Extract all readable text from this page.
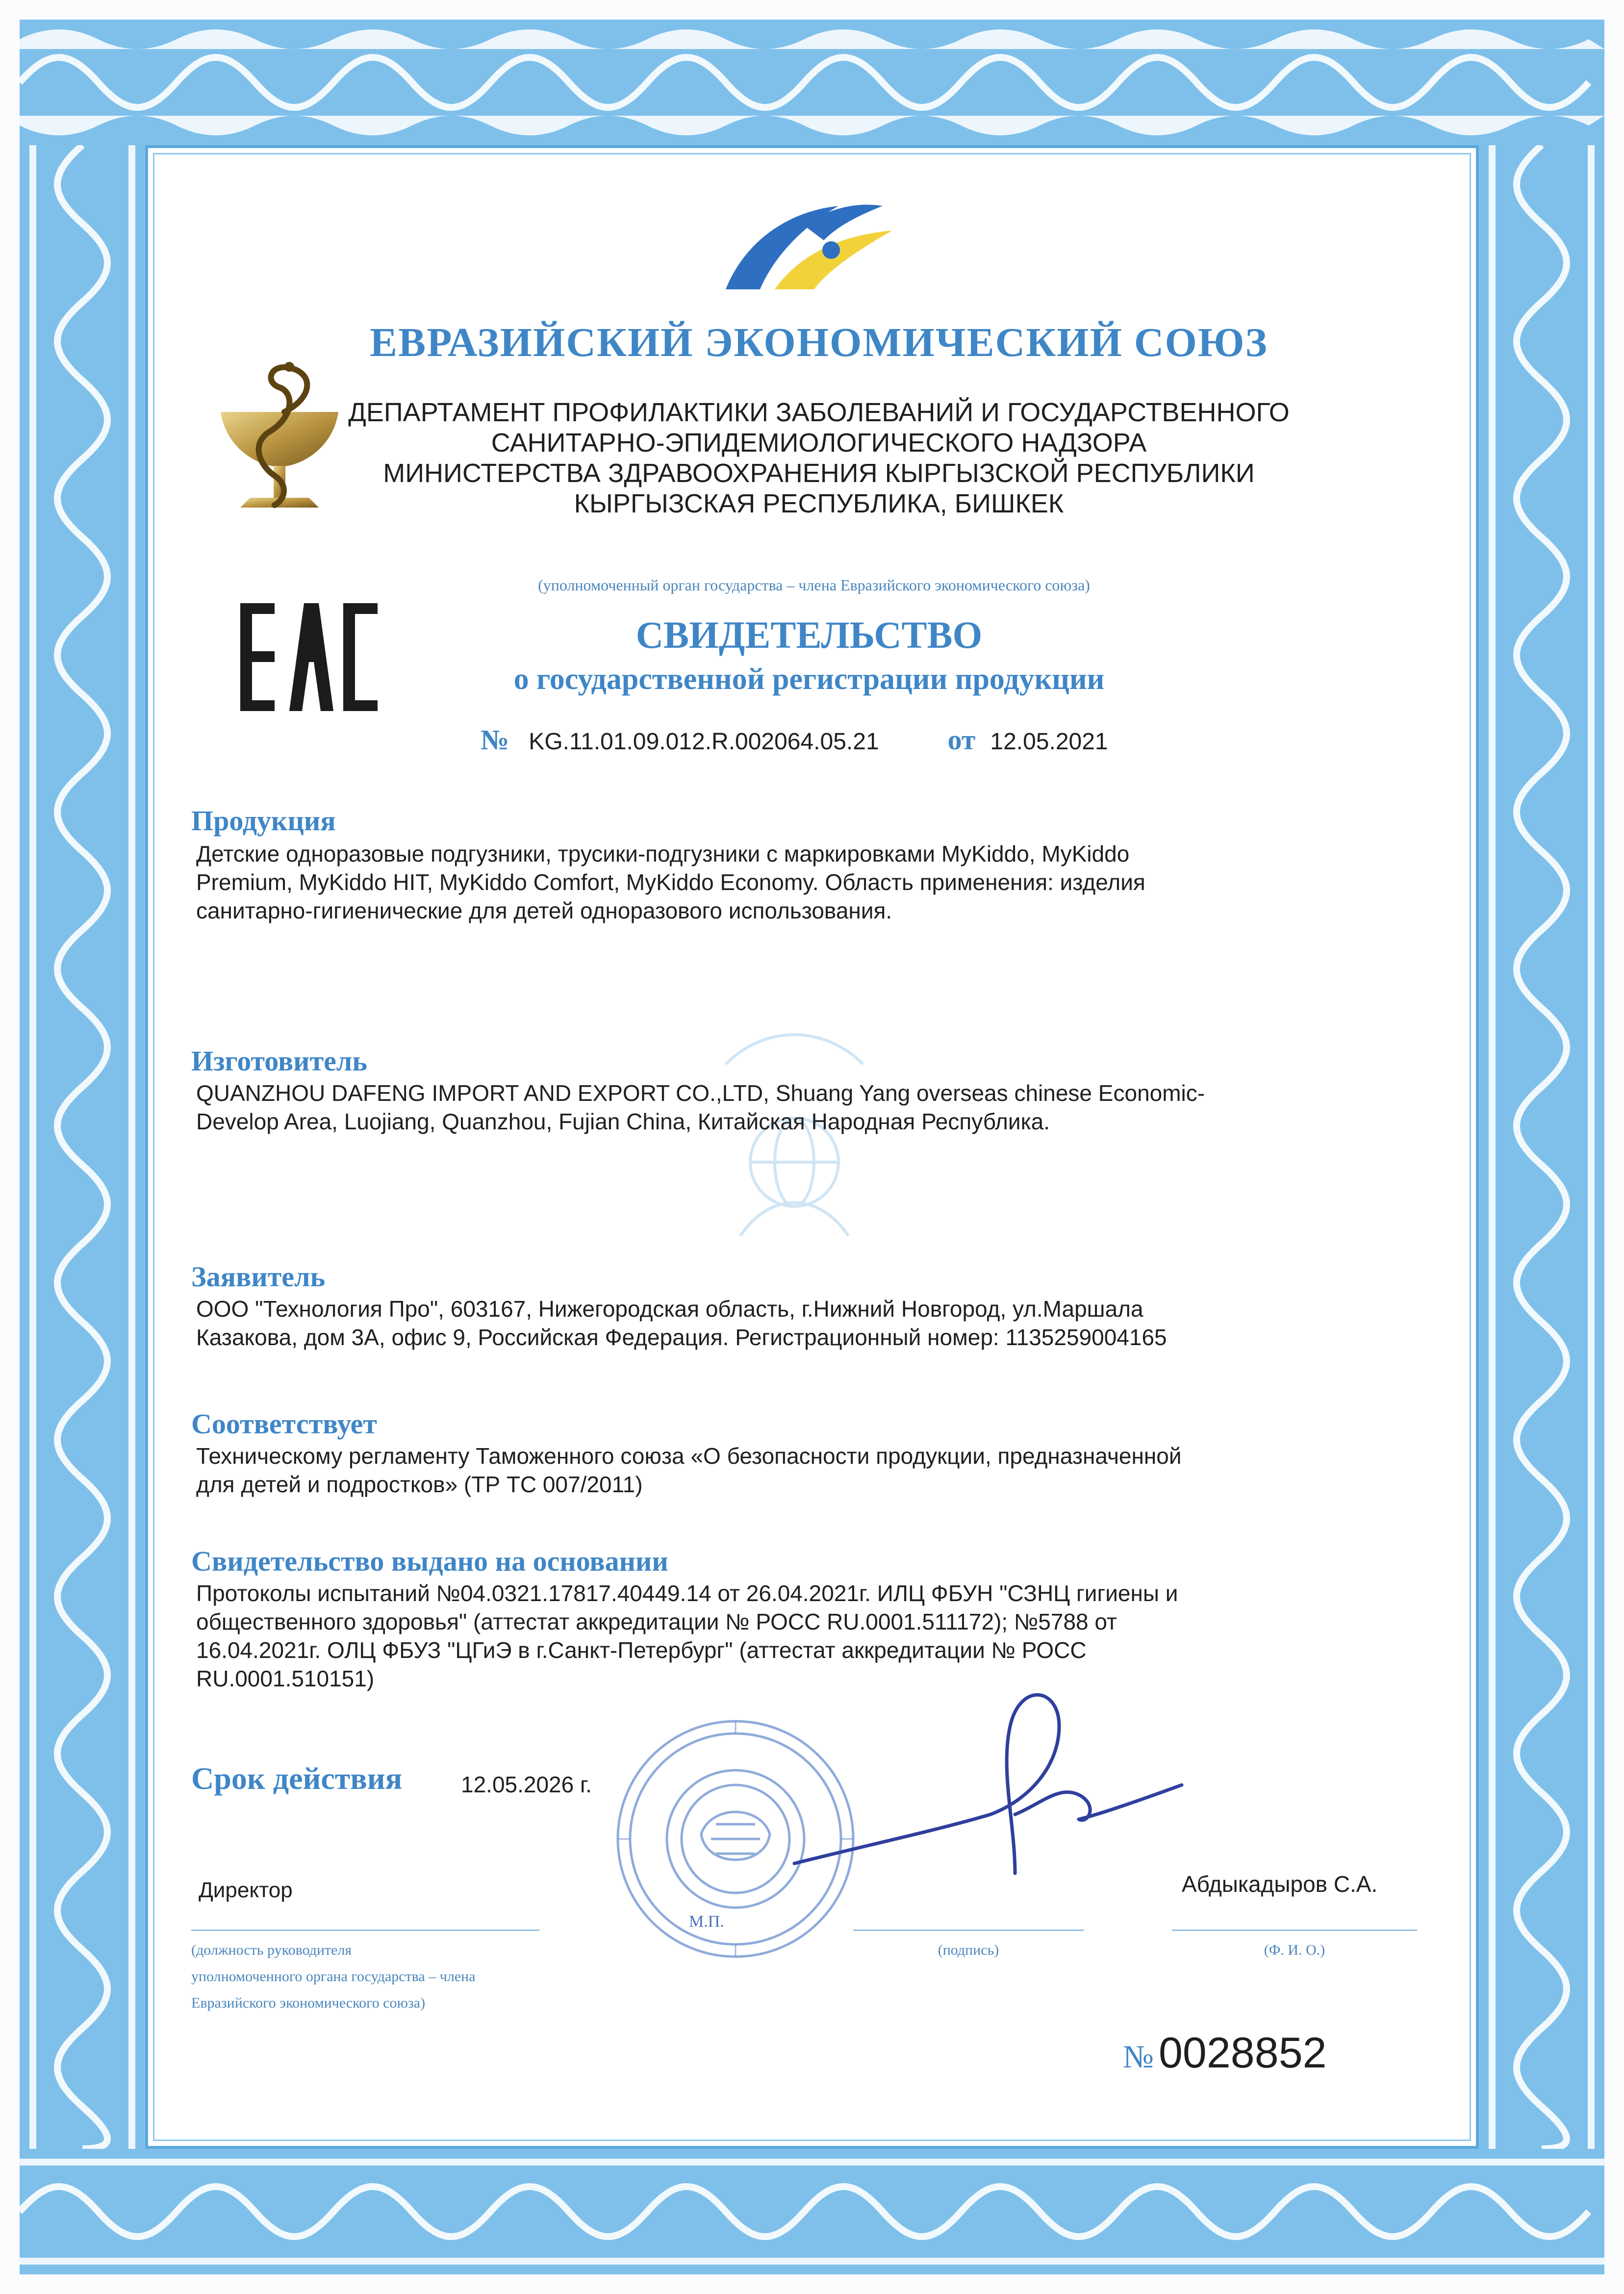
ЕВРАЗИЙСКИЙ ЭКОНОМИЧЕСКИЙ СОЮЗ
ДЕПАРТАМЕНТ ПРОФИЛАКТИКИ ЗАБОЛЕВАНИЙ И ГОСУДАРСТВЕННОГО
САНИТАРНО-ЭПИДЕМИОЛОГИЧЕСКОГО НАДЗОРА
МИНИСТЕРСТВА ЗДРАВООХРАНЕНИЯ КЫРГЫЗСКОЙ РЕСПУБЛИКИ
КЫРГЫЗСКАЯ РЕСПУБЛИКА, БИШКЕК
(уполномоченный орган государства – члена Евразийского экономического союза)
СВИДЕТЕЛЬСТВО
о государственной регистрации продукции
№ KG.11.01.09.012.R.002064.05.21 от 12.05.2021
Продукция
Детские одноразовые подгузники, трусики-подгузники с маркировками MyKiddo, MyKiddo
Premium, MyKiddo HIT, MyKiddo Comfort, MyKiddo Economy. Область применения: изделия
санитарно-гигиенические для детей одноразового использования.
Изготовитель
QUANZHOU DAFENG IMPORT AND EXPORT CO.,LTD, Shuang Yang overseas chinese Economic-
Develop Area, Luojiang, Quanzhou, Fujian China, Китайская Народная Республика.
Заявитель
ООО "Технология Про", 603167, Нижегородская область, г.Нижний Новгород, ул.Маршала
Казакова, дом 3А, офис 9, Российская Федерация. Регистрационный номер: 1135259004165
Соответствует
Техническому регламенту Таможенного союза «О безопасности продукции, предназначенной
для детей и подростков» (ТР ТС 007/2011)
Свидетельство выдано на основании
Протоколы испытаний №04.0321.17817.40449.14 от 26.04.2021г. ИЛЦ ФБУН "СЗНЦ гигиены и
общественного здоровья" (аттестат аккредитации № РОСС RU.0001.511172); №5788 от
16.04.2021г. ОЛЦ ФБУЗ "ЦГиЭ в г.Санкт-Петербург" (аттестат аккредитации № РОСС
RU.0001.510151)
Срок действия	12.05.2026 г.
М.П.
Директор
(должность руководителя
уполномоченного органа государства – члена
Евразийского экономического союза)
(подпись)
Абдыкадыров С.А.
(Ф. И. О.)
№ 0028852
